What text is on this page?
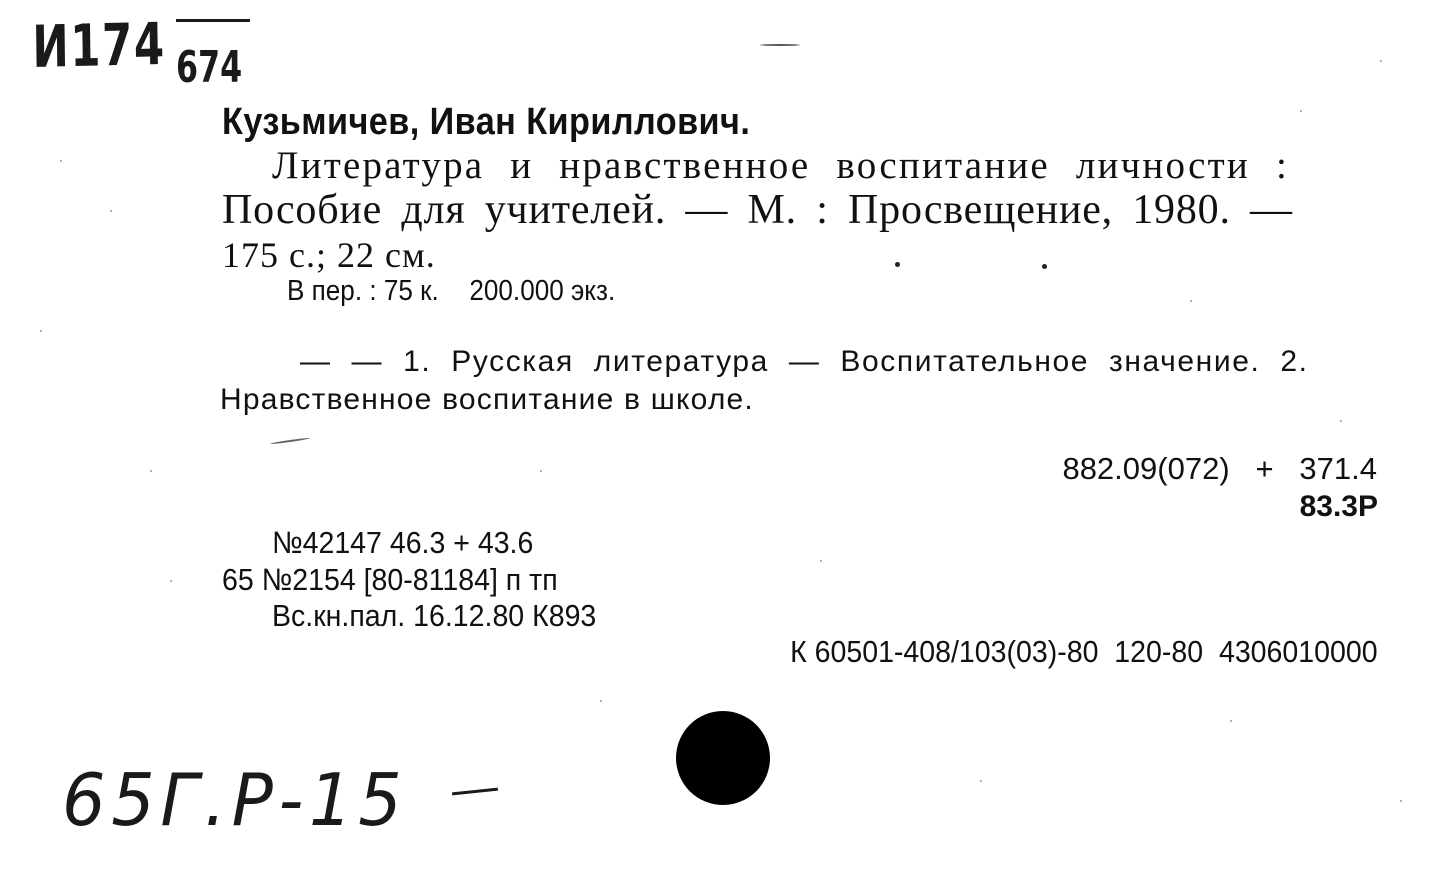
И174 674
Кузьмичев, Иван Кириллович.
Литература и нравственное воспитание личности :
Пособие для учителей. — М. : Просвещение, 1980. —
175 с.; 22 см.
В пер. : 75 к. 200.000 экз.
— — 1. Русская литература — Воспитательное значение. 2.
Нравственное воспитание в школе.
882.09(072)   +   371.4
83.3Р
№42147 46.3 + 43.6
65 №2154 [80-81184] п тп
Вс.кн.пал. 16.12.80 К893
К 60501-408/103(03)-80  120-80  4306010000
65Г.Р-15
